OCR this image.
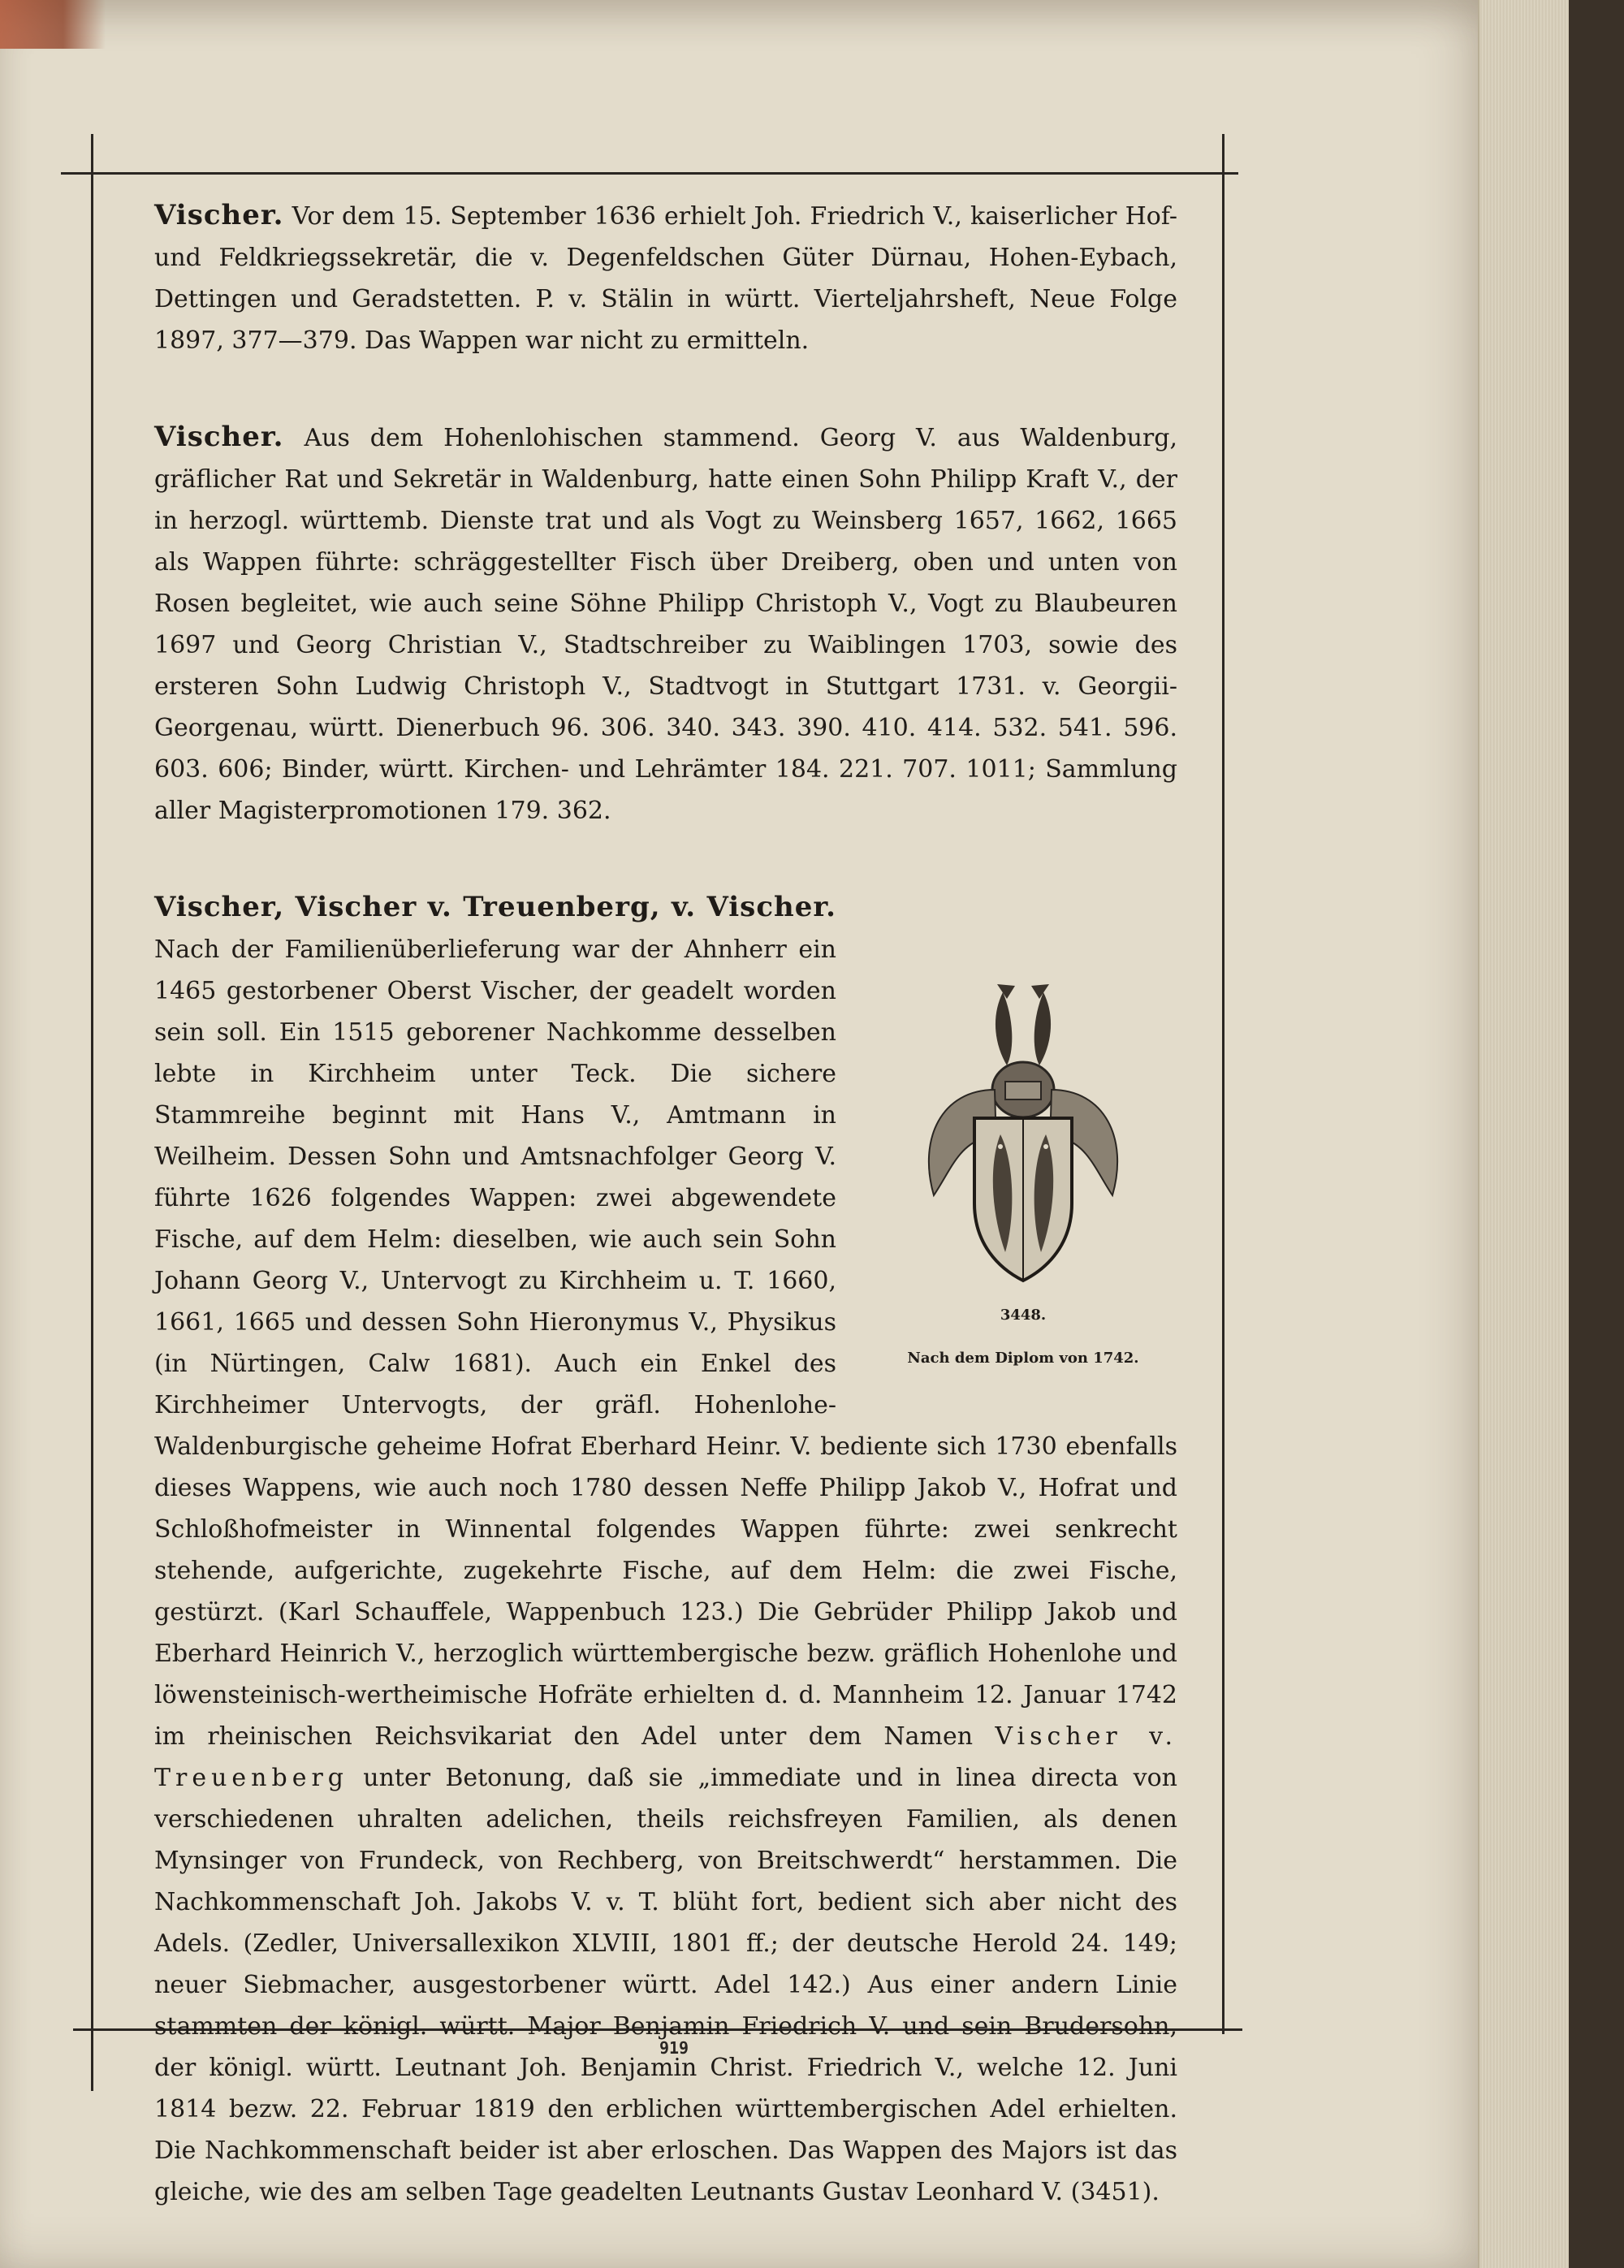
Vischer. Vor dem 15. September 1636 erhielt Joh. Friedrich V., kaiserlicher Hof- und Feldkriegssekretär, die v. Degenfeldschen Güter Dürnau, Hohen-Eybach, Dettingen und Geradstetten. P. v. Stälin in württ. Vierteljahrsheft, Neue Folge 1897, 377—379. Das Wappen war nicht zu ermitteln.

Vischer. Aus dem Hohenlohischen stammend. Georg V. aus Waldenburg, gräflicher Rat und Sekretär in Waldenburg, hatte einen Sohn Philipp Kraft V., der in herzogl. württemb. Dienste trat und als Vogt zu Weinsberg 1657, 1662, 1665 als Wappen führte: schräggestellter Fisch über Dreiberg, oben und unten von Rosen begleitet, wie auch seine Söhne Philipp Christoph V., Vogt zu Blaubeuren 1697 und Georg Christian V., Stadtschreiber zu Waiblingen 1703, sowie des ersteren Sohn Ludwig Christoph V., Stadtvogt in Stuttgart 1731. v. Georgii-Georgenau, württ. Dienerbuch 96. 306. 340. 343. 390. 410. 414. 532. 541. 596. 603. 606; Binder, württ. Kirchen- und Lehrämter 184. 221. 707. 1011; Sammlung aller Magisterpromotionen 179. 362.

3448.
Nach dem Diplom von 1742.
Vischer, Vischer v. Treuenberg, v. Vischer. Nach der Familienüberlieferung war der Ahnherr ein 1465 gestorbener Oberst Vischer, der geadelt worden sein soll. Ein 1515 geborener Nachkomme desselben lebte in Kirchheim unter Teck. Die sichere Stammreihe beginnt mit Hans V., Amtmann in Weilheim. Dessen Sohn und Amtsnachfolger Georg V. führte 1626 folgendes Wappen: zwei abgewendete Fische, auf dem Helm: dieselben, wie auch sein Sohn Johann Georg V., Untervogt zu Kirchheim u. T. 1660, 1661, 1665 und dessen Sohn Hieronymus V., Physikus (in Nürtingen, Calw 1681). Auch ein Enkel des Kirchheimer Untervogts, der gräfl. Hohenlohe-Waldenburgische geheime Hofrat Eberhard Heinr. V. bediente sich 1730 ebenfalls dieses Wappens, wie auch noch 1780 dessen Neffe Philipp Jakob V., Hofrat und Schloßhofmeister in Winnental folgendes Wappen führte: zwei senkrecht stehende, aufgerichte, zugekehrte Fische, auf dem Helm: die zwei Fische, gestürzt. (Karl Schauffele, Wappenbuch 123.) Die Gebrüder Philipp Jakob und Eberhard Heinrich V., herzoglich württembergische bezw. gräflich Hohenlohe und löwensteinisch-wertheimische Hofräte erhielten d. d. Mannheim 12. Januar 1742 im rheinischen Reichsvikariat den Adel unter dem Namen Vischer v. Treuenberg unter Betonung, daß sie „immediate und in linea directa von verschiedenen uhralten adelichen, theils reichsfreyen Familien, als denen Mynsinger von Frundeck, von Rechberg, von Breitschwerdt“ herstammen. Die Nachkommenschaft Joh. Jakobs V. v. T. blüht fort, bedient sich aber nicht des Adels. (Zedler, Universallexikon XLVIII, 1801 ff.; der deutsche Herold 24. 149; neuer Siebmacher, ausgestorbener württ. Adel 142.) Aus einer andern Linie stammten der königl. württ. Major Benjamin Friedrich V. und sein Brudersohn, der königl. württ. Leutnant Joh. Benjamin Christ. Friedrich V., welche 12. Juni 1814 bezw. 22. Februar 1819 den erblichen württembergischen Adel erhielten. Die Nachkommenschaft beider ist aber erloschen. Das Wappen des Majors ist das gleiche, wie des am selben Tage geadelten Leutnants Gustav Leonhard V. (3451).
919
